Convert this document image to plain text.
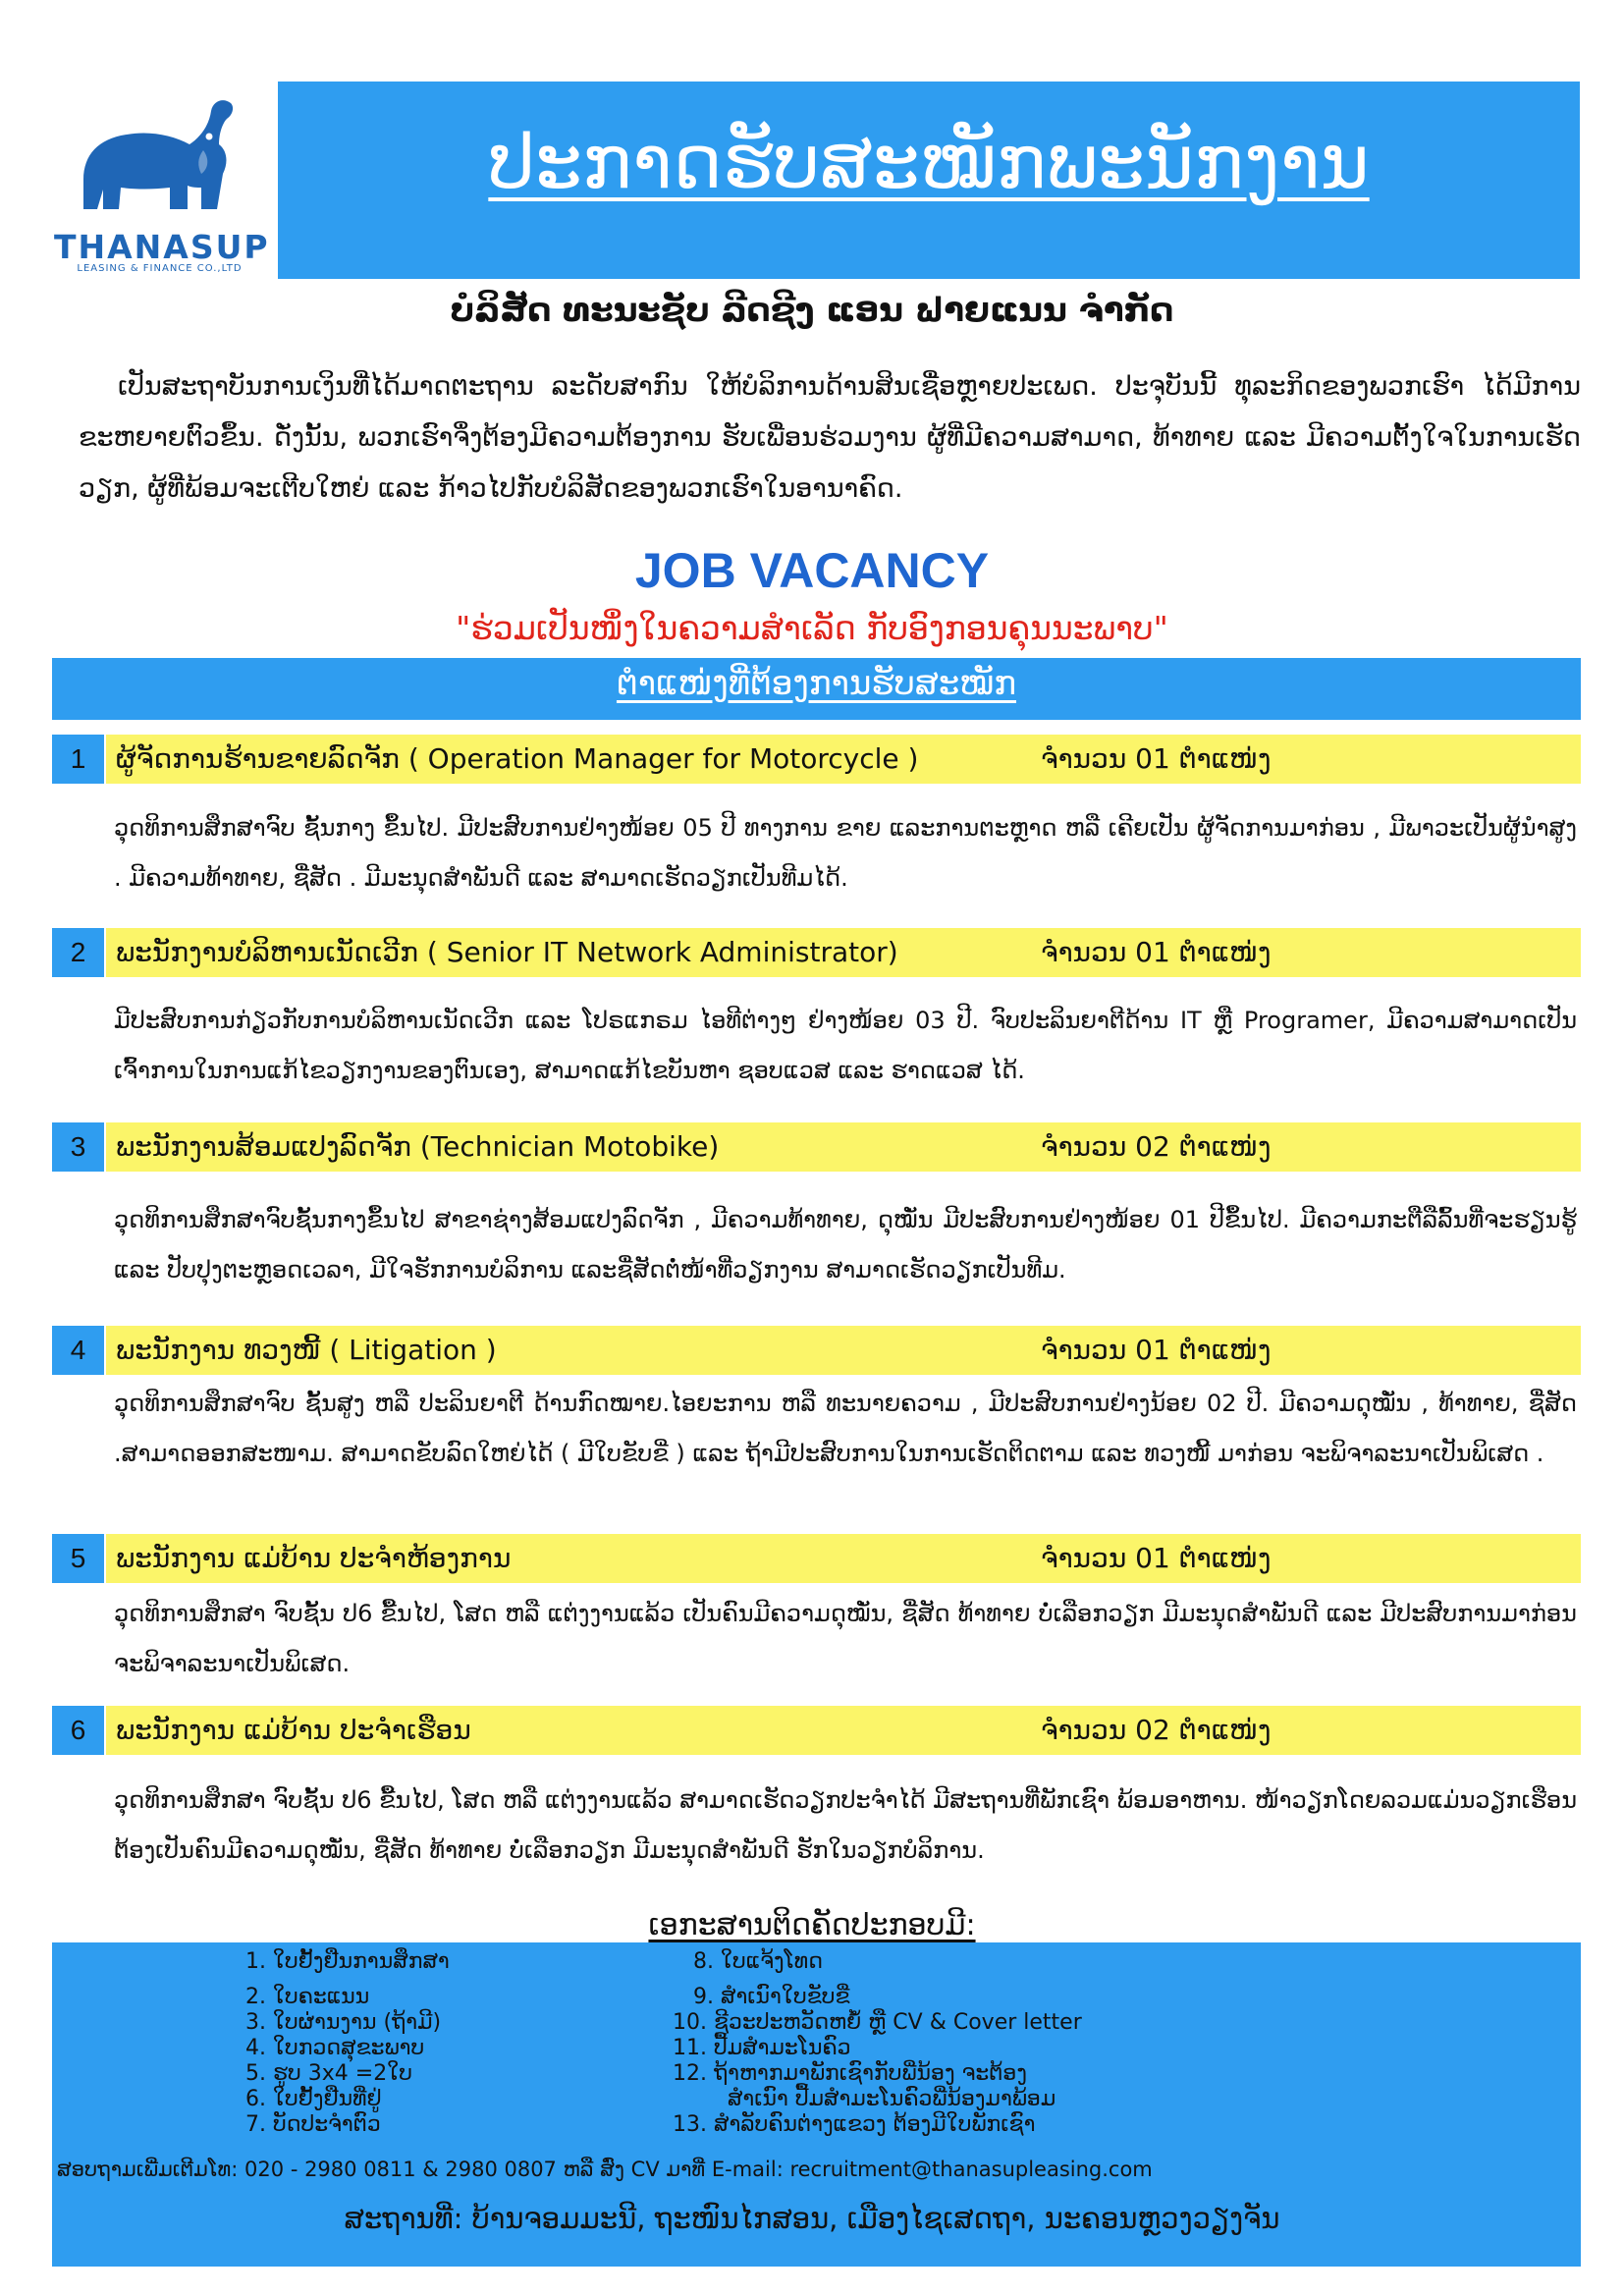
THANASUP
LEASING & FINANCE CO.,LTD
ປະກາດຮັບສະໝັກພະນັກງານ
ບໍລິສັດ ທະນະຊັບ ລີດຊີງ ແອນ ຟາຍແນນ ຈຳກັດ
ເປັນສະຖາບັນການເງິນທີ່ໄດ້ມາດຕະຖານ ລະດັບສາກົນ ໃຫ້ບໍລິການດ້ານສິນເຊື່ອຫຼາຍປະເພດ. ປະຈຸບັນນີ້ ທຸລະກິດຂອງພວກເຮົາ ໄດ້ມີການຂະຫຍາຍຕົວຂຶ້ນ. ດັ່ງນັ້ນ, ພວກເຮົາຈຶ່ງຕ້ອງມີຄວາມຕ້ອງການ ຮັບເພື່ອນຮ່ວມງານ ຜູ້ທີ່ມີຄວາມສາມາດ, ທ້າທາຍ ແລະ ມີຄວາມຕັ້ງໃຈໃນການເຮັດວຽກ, ຜູ້ທີ່ພ້ອມຈະເຕີບໃຫຍ່ ແລະ ກ້າວໄປກັບບໍລິສັດຂອງພວກເຮົາໃນອານາຄົດ.
JOB VACANCY
"ຮ່ວມເປັນໜຶ່ງໃນຄວາມສຳເລັດ ກັບອົງກອນຄຸນນະພາບ"
ຕຳແໜ່ງທີ່ຕ້ອງການຮັບສະໝັກ
1	ຜູ້ຈັດການຮ້ານຂາຍລົດຈັກ ( Operation Manager for Motorcycle )	ຈຳນວນ 01 ຕຳແໜ່ງ
ວຸດທິການສຶກສາຈົບ ຊັ້ນກາງ ຂຶ້ນໄປ. ມີປະສົບການຢ່າງໜ້ອຍ 05 ປີ ທາງການ ຂາຍ ແລະການຕະຫຼາດ ຫລື ເຄີຍເປັນ ຜູ້ຈັດການມາກ່ອນ , ມີພາວະເປັນຜູ້ນຳສູງ . ມີຄວາມທ້າທາຍ, ຊື່ສັດ . ມີມະນຸດສຳພັນດີ ແລະ ສາມາດເຮັດວຽກເປັນທີມໄດ້.
2	ພະນັກງານບໍລິຫານເນັດເວີກ ( Senior IT Network Administrator)	ຈຳນວນ 01 ຕຳແໜ່ງ
ມີປະສົບການກ່ຽວກັບການບໍລິຫານເນັດເວີກ ແລະ ໂປຣແກຣມ ໄອທີຕ່າງໆ ຢ່າງໜ້ອຍ 03 ປີ. ຈົບປະລິນຍາຕີດ້ານ IT ຫຼື Programer, ມີຄວາມສາມາດເປັນເຈົ້າການໃນການແກ້ໄຂວຽກງານຂອງຕົນເອງ, ສາມາດແກ້ໄຂບັນຫາ ຊອບແວສ ແລະ ຮາດແວສ ໄດ້.
3	ພະນັກງານສ້ອມແປງລົດຈັກ (Technician Motobike)	ຈຳນວນ 02 ຕຳແໜ່ງ
ວຸດທິການສຶກສາຈົບຊັ້ນກາງຂຶ້ນໄປ ສາຂາຊ່າງສ້ອມແປງລົດຈັກ , ມີຄວາມທ້າທາຍ, ດຸໝັ່ນ ມີປະສົບການຢ່າງໜ້ອຍ 01 ປີຂຶ້ນໄປ. ມີຄວາມກະຕືລືລົ້ນທີ່ຈະຮຽນຮູ້ ແລະ ປັບປຸງຕະຫຼອດເວລາ, ມີໃຈຮັກການບໍລິການ ແລະຊື່ສັດຕໍ່ໜ້າທີ່ວຽກງານ ສາມາດເຮັດວຽກເປັນທີມ.
4	ພະນັກງານ ທວງໜີ້ ( Litigation )	ຈຳນວນ 01 ຕຳແໜ່ງ
ວຸດທິການສຶກສາຈົບ ຊັ້ນສູງ ຫລື ປະລິນຍາຕີ ດ້ານກົດໝາຍ.ໄອຍະການ ຫລື ທະນາຍຄວາມ , ມີປະສົບການຢ່າງນ້ອຍ 02 ປີ. ມີຄວາມດຸໝັ່ນ , ທ້າທາຍ, ຊື່ສັດ .ສາມາດອອກສະໜາມ. ສາມາດຂັບລົດໃຫຍ່ໄດ້ ( ມີໃບຂັບຂີ່ ) ແລະ ຖ້າມີປະສົບການໃນການເຮັດຕິດຕາມ ແລະ ທວງໜີ້ ມາກ່ອນ ຈະພິຈາລະນາເປັນພິເສດ .
5	ພະນັກງານ ແມ່ບ້ານ ປະຈຳຫ້ອງການ	ຈຳນວນ 01 ຕຳແໜ່ງ
ວຸດທິການສຶກສາ ຈົບຊັ້ນ ປ6 ຂື້ນໄປ, ໂສດ ຫລື ແຕ່ງງານແລ້ວ ເປັນຄົນມີຄວາມດຸໝັ່ນ, ຊື່ສັດ ທ້າທາຍ ບໍ່ເລືອກວຽກ ມີມະນຸດສຳພັນດີ ແລະ ມີປະສົບການມາກ່ອນ ຈະພິຈາລະນາເປັນພິເສດ.
6	ພະນັກງານ ແມ່ບ້ານ ປະຈຳເຮືອນ	ຈຳນວນ 02 ຕຳແໜ່ງ
ວຸດທິການສຶກສາ ຈົບຊັ້ນ ປ6 ຂື້ນໄປ, ໂສດ ຫລື ແຕ່ງງານແລ້ວ ສາມາດເຮັດວຽກປະຈຳໄດ້ ມີສະຖານທີ່ພັກເຊົາ ພ້ອມອາຫານ. ໜ້າວຽກໂດຍລວມແມ່ນວຽກເຮືອນ ຕ້ອງເປັນຄົນມີຄວາມດຸໝັ່ນ, ຊື່ສັດ ທ້າທາຍ ບໍ່ເລືອກວຽກ ມີມະນຸດສຳພັນດີ ຮັກໃນວຽກບໍລິການ.
ເອກະສານຕິດຄັດປະກອບມີ:
1. ໃບຢັ້ງຢືນການສຶກສາ
2. ໃບຄະແນນ
3. ໃບຜ່ານງານ (ຖ້າມີ)
4. ໃບກວດສຸຂະພາບ
5. ຮູບ 3x4 =2ໃບ
6. ໃບຢັ້ງຢືນທີ່ຢູ່
7. ບັດປະຈຳຕົວ
8. ໃບແຈ້ງໂທດ
9. ສຳເນົາໃບຂັບຂີ່
10. ຊີວະປະຫວັດຫຍໍ້ ຫຼື CV & Cover letter
11. ປື້ມສຳມະໂນຄົວ
12. ຖ້າຫາກມາພັກເຊົາກັບພີ່ນ້ອງ ຈະຕ້ອງ
ສຳເນົາ ປື້ມສຳມະໂນຄົວພີ່ນ້ອງມາພ້ອມ
13. ສຳລັບຄົນຕ່າງແຂວງ ຕ້ອງມີໃບພັກເຊົາ
ສອບຖາມເພີ່ມເຕີມໂທ: 020 - 2980 0811 & 2980 0807 ຫລື ສົ່ງ CV ມາທີ່ E-mail: recruitment@thanasupleasing.com
ສະຖານທີ່: ບ້ານຈອມມະນີ, ຖະໜົນໄກສອນ, ເມືອງໄຊເສດຖາ, ນະຄອນຫຼວງວຽງຈັນ
